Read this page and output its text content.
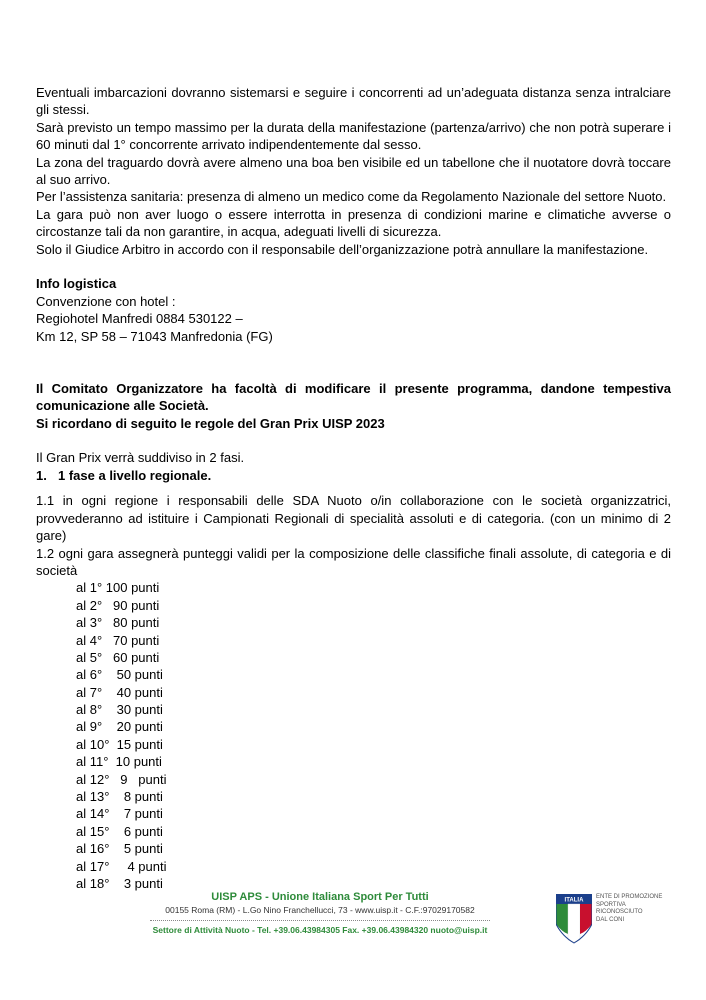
Eventuali imbarcazioni dovranno sistemarsi e seguire i concorrenti ad un’adeguata distanza senza intralciare gli stessi.

Sarà previsto un tempo massimo per la durata della manifestazione (partenza/arrivo) che non potrà superare i 60 minuti dal 1° concorrente arrivato indipendentemente dal sesso.

La zona del traguardo dovrà avere almeno una boa ben visibile ed un tabellone che il nuotatore dovrà toccare al suo arrivo.

Per l’assistenza sanitaria: presenza di almeno un medico come da Regolamento Nazionale del settore Nuoto.

La gara può non aver luogo o essere interrotta in presenza di condizioni marine e climatiche avverse o circostanze tali da non garantire, in acqua, adeguati livelli di sicurezza.

Solo il Giudice Arbitro in accordo con il responsabile dell’organizzazione potrà annullare la manifestazione.

Info logistica

Convenzione con hotel :

Regiohotel Manfredi 0884 530122 –

Km 12, SP 58 – 71043 Manfredonia (FG)

Il Comitato Organizzatore ha facoltà di modificare il presente programma, dandone tempestiva comunicazione alle Società.

Si ricordano di seguito le regole del Gran Prix UISP 2023

Il Gran Prix verrà suddiviso in 2 fasi.

1. 1 fase a livello regionale.

1.1 in ogni regione i responsabili delle SDA Nuoto o/in collaborazione con le società organizzatrici, provvederanno ad istituire i Campionati Regionali di specialità assoluti e di categoria. (con un minimo di 2 gare)

1.2 ogni gara assegnerà punteggi validi per la composizione delle classifiche finali assolute, di categoria e di società

al 1° 100 punti
al 2°   90 punti
al 3°   80 punti
al 4°   70 punti
al 5°   60 punti
al 6°    50 punti
al 7°    40 punti
al 8°    30 punti
al 9°    20 punti
al 10°  15 punti
al 11°  10 punti
al 12°   9   punti
al 13°    8 punti
al 14°    7 punti
al 15°    6 punti
al 16°    5 punti
al 17°     4 punti
al 18°    3 punti
UISP APS - Unione Italiana Sport Per Tutti
00155 Roma (RM) - L.Go Nino Franchellucci, 73 - www.uisp.it - C.F.:97029170582
Settore di Attività Nuoto - Tel. +39.06.43984305 Fax. +39.06.43984320 nuoto@uisp.it
ITALIA
ENTE DI PROMOZIONE
SPORTIVA
RICONOSCIUTO
DAL CONI
